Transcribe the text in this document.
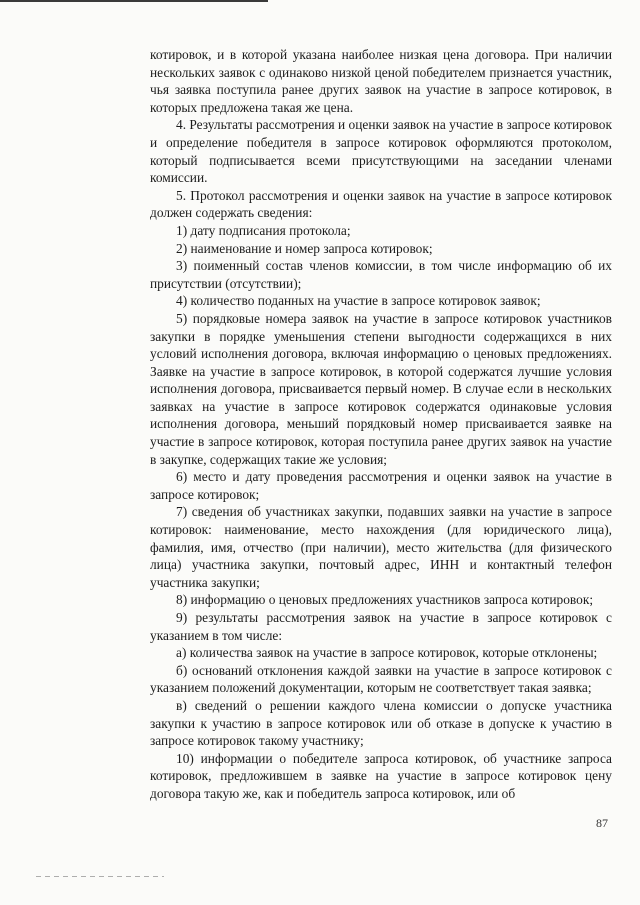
котировок, и в которой указана наиболее низкая цена договора. При наличии нескольких заявок с одинаково низкой ценой победителем признается участник, чья заявка поступила ранее других заявок на участие в запросе котировок, в которых предложена такая же цена.

4. Результаты рассмотрения и оценки заявок на участие в запросе котировок и определение победителя в запросе котировок оформляются протоколом, который подписывается всеми присутствующими на заседании членами комиссии.

5. Протокол рассмотрения и оценки заявок на участие в запросе котировок должен содержать сведения:

1) дату подписания протокола;

2) наименование и номер запроса котировок;

3) поименный состав членов комиссии, в том числе информацию об их присутствии (отсутствии);

4) количество поданных на участие в запросе котировок заявок;

5) порядковые номера заявок на участие в запросе котировок участников закупки в порядке уменьшения степени выгодности содержащихся в них условий исполнения договора, включая информацию о ценовых предложениях. Заявке на участие в запросе котировок, в которой содержатся лучшие условия исполнения договора, присваивается первый номер. В случае если в нескольких заявках на участие в запросе котировок содержатся одинаковые условия исполнения договора, меньший порядковый номер присваивается заявке на участие в запросе котировок, которая поступила ранее других заявок на участие в закупке, содержащих такие же условия;

6) место и дату проведения рассмотрения и оценки заявок на участие в запросе котировок;

7) сведения об участниках закупки, подавших заявки на участие в запросе котировок: наименование, место нахождения (для юридического лица), фамилия, имя, отчество (при наличии), место жительства (для физического лица) участника закупки, почтовый адрес, ИНН и контактный телефон участника закупки;

8) информацию о ценовых предложениях участников запроса котировок;

9) результаты рассмотрения заявок на участие в запросе котировок с указанием в том числе:

а) количества заявок на участие в запросе котировок, которые отклонены;

б) оснований отклонения каждой заявки на участие в запросе котировок с указанием положений документации, которым не соответствует такая заявка;

в) сведений о решении каждого члена комиссии о допуске участника закупки к участию в запросе котировок или об отказе в допуске к участию в запросе котировок такому участнику;

10) информации о победителе запроса котировок, об участнике запроса котировок, предложившем в заявке на участие в запросе котировок цену договора такую же, как и победитель запроса котировок, или об

87
